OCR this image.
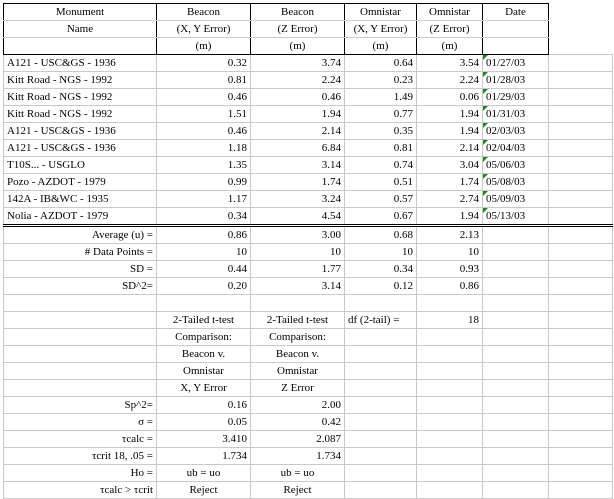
Monument	Beacon	Beacon	Omnistar	Omnistar	Date	
Name	(X, Y Error)	(Z Error)	(X, Y Error)	(Z Error)		
	(m)	(m)	(m)	(m)		
A121 - USC&GS - 1936	0.32	3.74	0.64	3.54	01/27/03	
Kitt Road - NGS - 1992	0.81	2.24	0.23	2.24	01/28/03	
Kitt Road - NGS - 1992	0.46	0.46	1.49	0.06	01/29/03	
Kitt Road - NGS - 1992	1.51	1.94	0.77	1.94	01/31/03	
A121 - USC&GS - 1936	0.46	2.14	0.35	1.94	02/03/03	
A121 - USC&GS - 1936	1.18	6.84	0.81	2.14	02/04/03	
T10S... - USGLO	1.35	3.14	0.74	3.04	05/06/03	
Pozo - AZDOT - 1979	0.99	1.74	0.51	1.74	05/08/03	
142A - IB&WC - 1935	1.17	3.24	0.57	2.74	05/09/03	
Nolia - AZDOT - 1979	0.34	4.54	0.67	1.94	05/13/03	
Average (u) =	0.86	3.00	0.68	2.13		
# Data Points =	10	10	10	10		
SD =	0.44	1.77	0.34	0.93		
SD^2=	0.20	3.14	0.12	0.86		

	2-Tailed t-test	2-Tailed t-test	df (2-tail) =	18		
	Comparison:	Comparison:				
	Beacon v.	Beacon v.				
	Omnistar	Omnistar				
	X, Y Error	Z Error				
Sp^2=	0.16	2.00				
σ =	0.05	0.42				
τcalc =	3.410	2.087				
τcrit 18, .05 =	1.734	1.734				
Ho =	ub = uo	ub = uo				
τcalc > τcrit	Reject	Reject				
